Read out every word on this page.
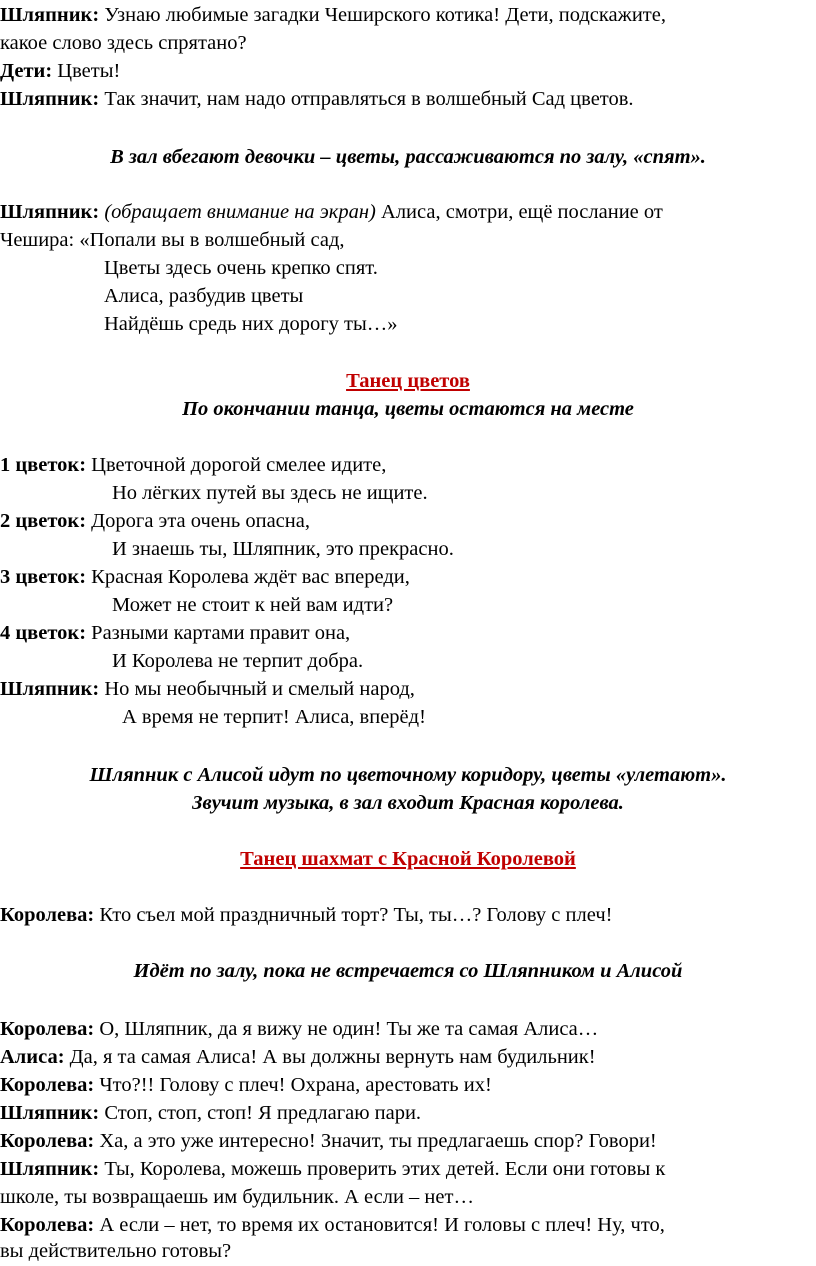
Шляпник: Узнаю любимые загадки Чеширского котика! Дети, подскажите,
какое слово здесь спрятано?
Дети: Цветы!
Шляпник: Так значит, нам надо отправляться в волшебный Сад цветов.
В зал вбегают девочки – цветы, рассаживаются по залу, «спят».
Шляпник: (обращает внимание на экран) Алиса, смотри, ещё послание от
Чешира: «Попали вы в волшебный сад,
Цветы здесь очень крепко спят.
Алиса, разбудив цветы
Найдёшь средь них дорогу ты…»
Танец цветов
По окончании танца, цветы остаются на месте
1 цветок: Цветочной дорогой смелее идите,
Но лёгких путей вы здесь не ищите.
2 цветок: Дорога эта очень опасна,
И знаешь ты, Шляпник, это прекрасно.
3 цветок: Красная Королева ждёт вас впереди,
Может не стоит к ней вам идти?
4 цветок: Разными картами правит она,
И Королева не терпит добра.
Шляпник: Но мы необычный и смелый народ,
А время не терпит! Алиса, вперёд!
Шляпник с Алисой идут по цветочному коридору, цветы «улетают».
Звучит музыка, в зал входит Красная королева.
Танец шахмат с Красной Королевой
Королева: Кто съел мой праздничный торт? Ты, ты…? Голову с плеч!
Идёт по залу, пока не встречается со Шляпником и Алисой
Королева: О, Шляпник, да я вижу не один! Ты же та самая Алиса…
Алиса: Да, я та самая Алиса! А вы должны вернуть нам будильник!
Королева: Что?!! Голову с плеч! Охрана, арестовать их!
Шляпник: Стоп, стоп, стоп! Я предлагаю пари.
Королева: Ха, а это уже интересно! Значит, ты предлагаешь спор? Говори!
Шляпник: Ты, Королева, можешь проверить этих детей. Если они готовы к
школе, ты возвращаешь им будильник. А если – нет…
Королева: А если – нет, то время их остановится! И головы с плеч! Ну, что,
вы действительно готовы?
